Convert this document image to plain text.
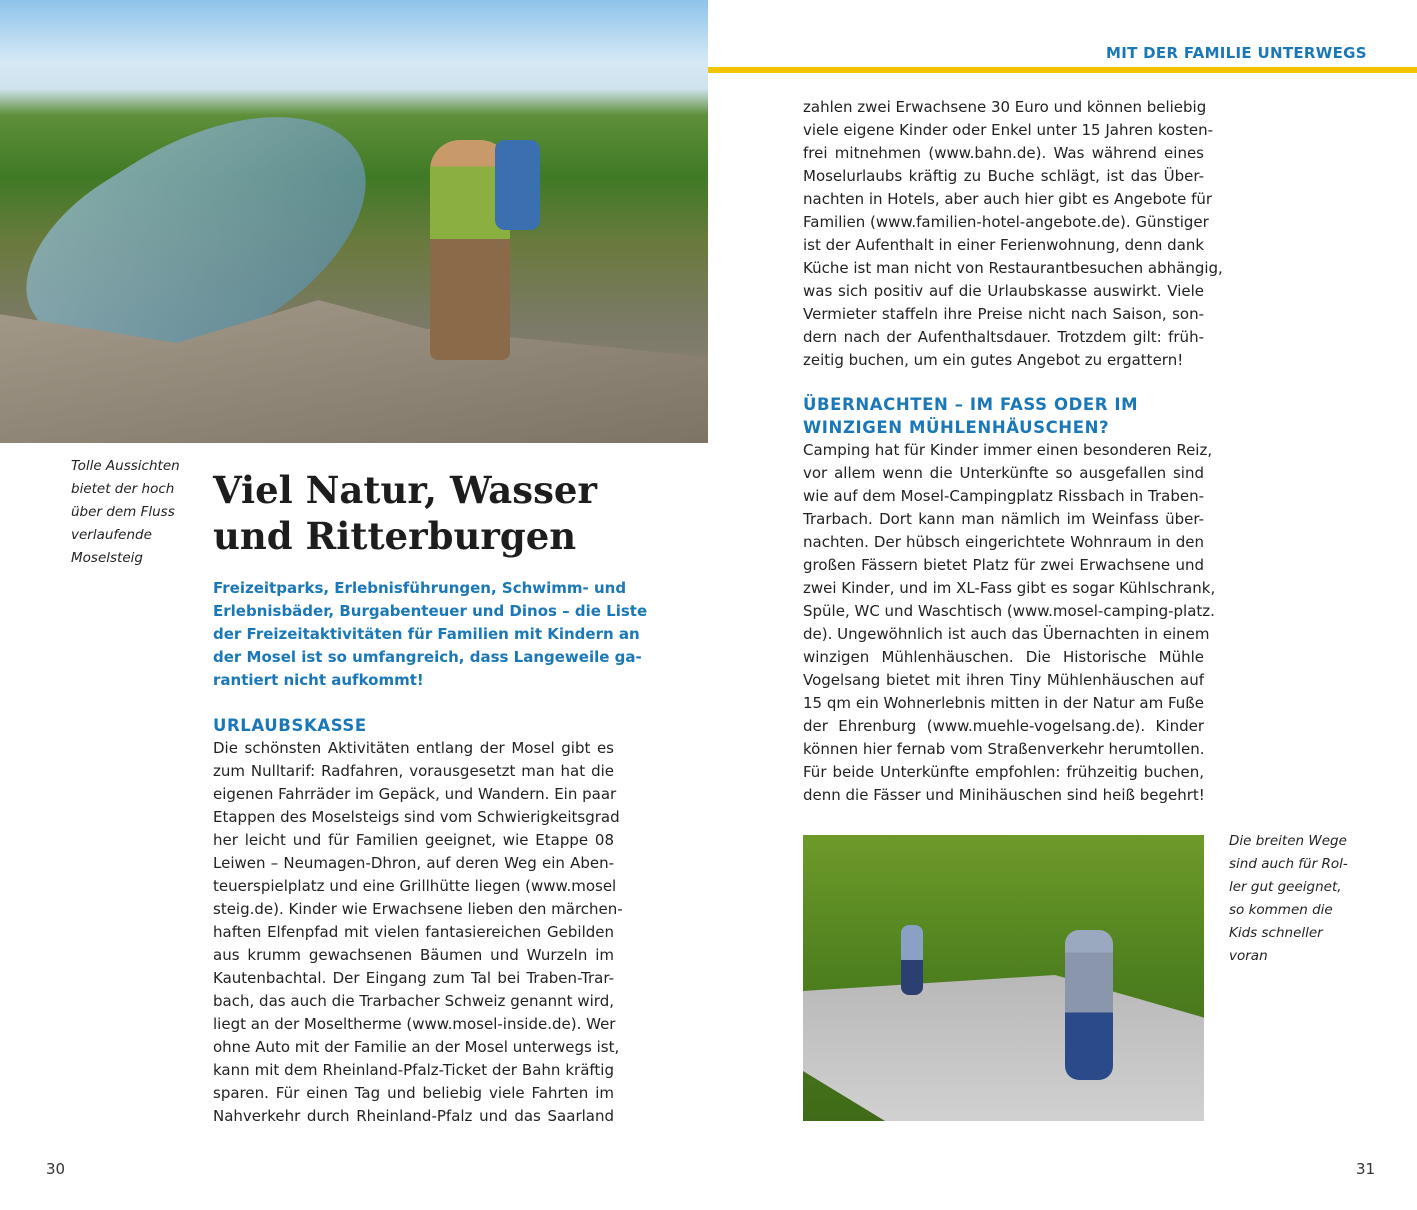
MIT DER FAMILIE UNTERWEGS
Tolle Aussichten
bietet der hoch
über dem Fluss
verlaufende
Moselsteig
Viel Natur, Wasser
und Ritterburgen
Freizeitparks, Erlebnisführungen, Schwimm- und
Erlebnisbäder, Burgabenteuer und Dinos – die Liste
der Freizeitaktivitäten für Familien mit Kindern an
der Mosel ist so umfangreich, dass Langeweile ga-
rantiert nicht aufkommt!
URLAUBSKASSE
Die schönsten Aktivitäten entlang der Mosel gibt es
zum Nulltarif: Radfahren, vorausgesetzt man hat die
eigenen Fahrräder im Gepäck, und Wandern. Ein paar
Etappen des Moselsteigs sind vom Schwierigkeitsgrad
her leicht und für Familien geeignet, wie Etappe 08
Leiwen – Neumagen-Dhron, auf deren Weg ein Aben-
teuerspielplatz und eine Grillhütte liegen (www.mosel
steig.de). Kinder wie Erwachsene lieben den märchen-
haften Elfenpfad mit vielen fantasiereichen Gebilden
aus krumm gewachsenen Bäumen und Wurzeln im
Kautenbachtal. Der Eingang zum Tal bei Traben-Trar-
bach, das auch die Trarbacher Schweiz genannt wird,
liegt an der Moseltherme (www.mosel-inside.de). Wer
ohne Auto mit der Familie an der Mosel unterwegs ist,
kann mit dem Rheinland-Pfalz-Ticket der Bahn kräftig
sparen. Für einen Tag und beliebig viele Fahrten im
Nahverkehr durch Rheinland-Pfalz und das Saarland
30
zahlen zwei Erwachsene 30 Euro und können beliebig
viele eigene Kinder oder Enkel unter 15 Jahren kosten-
frei mitnehmen (www.bahn.de). Was während eines
Moselurlaubs kräftig zu Buche schlägt, ist das Über-
nachten in Hotels, aber auch hier gibt es Angebote für
Familien (www.familien-hotel-angebote.de). Günstiger
ist der Aufenthalt in einer Ferienwohnung, denn dank
Küche ist man nicht von Restaurantbesuchen abhängig,
was sich positiv auf die Urlaubskasse auswirkt. Viele
Vermieter staffeln ihre Preise nicht nach Saison, son-
dern nach der Aufenthaltsdauer. Trotzdem gilt: früh-
zeitig buchen, um ein gutes Angebot zu ergattern!
ÜBERNACHTEN – IM FASS ODER IM
WINZIGEN MÜHLENHÄUSCHEN?
Camping hat für Kinder immer einen besonderen Reiz,
vor allem wenn die Unterkünfte so ausgefallen sind
wie auf dem Mosel-Campingplatz Rissbach in Traben-
Trarbach. Dort kann man nämlich im Weinfass über-
nachten. Der hübsch eingerichtete Wohnraum in den
großen Fässern bietet Platz für zwei Erwachsene und
zwei Kinder, und im XL-Fass gibt es sogar Kühlschrank,
Spüle, WC und Waschtisch (www.mosel-camping-platz.
de). Ungewöhnlich ist auch das Übernachten in einem
winzigen Mühlenhäuschen. Die Historische Mühle
Vogelsang bietet mit ihren Tiny Mühlenhäuschen auf
15 qm ein Wohnerlebnis mitten in der Natur am Fuße
der Ehrenburg (www.muehle-vogelsang.de). Kinder
können hier fernab vom Straßenverkehr herumtollen.
Für beide Unterkünfte empfohlen: frühzeitig buchen,
denn die Fässer und Minihäuschen sind heiß begehrt!
Die breiten Wege
sind auch für Rol-
ler gut geeignet,
so kommen die
Kids schneller
voran
31
